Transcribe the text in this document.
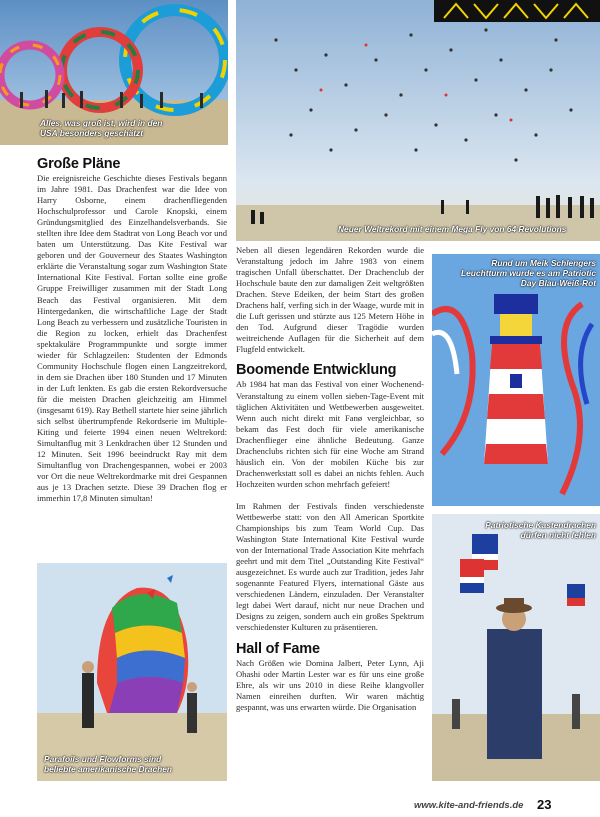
Alles, was groß ist, wird in den USA besonders geschätzt
Neuer Weltrekord mit einem Mega Fly von 64 Revolutions

Große Pläne

Die ereignisreiche Geschichte dieses Festivals begann im Jahre 1981. Das Drachenfest war die Idee von Harry Osborne, einem drachenfliegenden Hochschulprofessor und Carole Knopski, einem Gründungsmitglied des Einzelhandelsverbands. Sie stellten ihre Idee dem Stadtrat von Long Beach vor und baten um Unterstützung. Das Kite Festival war geboren und der Gouverneur des Staates Washington erklärte die Veranstaltung sogar zum Washington State International Kite Festival. Fortan sollte eine große Gruppe Freiwilliger zusammen mit der Stadt Long Beach das Festival organisieren. Mit dem Hintergedanken, die wirtschaftliche Lage der Stadt Long Beach zu verbessern und zusätzliche Touristen in die Region zu locken, erhielt das Drachenfest spektakuläre Programmpunkte und sorgte immer wieder für Schlagzeilen: Studenten der Edmonds Community Hochschule flogen einen Langzeitrekord, in dem sie Drachen über 180 Stunden und 17 Minuten in der Luft lenkten. Es gab die ersten Rekordversuche für die meisten Drachen gleichzeitig am Himmel (insgesamt 619). Ray Bethell startete hier seine jährlich sich selbst übertrumpfende Rekordserie im Multiple-Kiting und feierte 1994 einen neuen Weltrekord: Simultanflug mit 3 Lenkdrachen über 12 Stunden und 12 Minuten. Seit 1996 beeindruckt Ray mit dem Simultanflug von Drachengespannen, wobei er 2003 vor Ort die neue Weltrekordmarke mit drei Gespannen aus je 13 Drachen setzte. Diese 39 Drachen flog er immerhin 17,8 Minuten simultan!

Parafoils und Flowforms sind beliebte amerikanische Drachen

Neben all diesen legendären Rekorden wurde die Veranstaltung jedoch im Jahre 1983 von einem tragischen Unfall überschattet. Der Drachenclub der Hochschule baute den zur damaligen Zeit weltgrößten Drachen. Steve Edeiken, der beim Start des großen Drachens half, verfing sich in der Waage, wurde mit in die Luft gerissen und stürzte aus 125 Metern Höhe in den Tod. Aufgrund dieser Tragödie wurden weitreichende Auflagen für die Sicherheit auf dem Flugfeld entwickelt.

Boomende Entwicklung

Ab 1984 hat man das Festival von einer Wochenend-Veranstaltung zu einem vollen sieben-Tage-Event mit täglichen Aktivitäten und Wettbewerben ausgeweitet. Wenn auch nicht direkt mit Fanø vergleichbar, so bekam das Fest doch für viele amerikanische Drachenflieger eine ähnliche Bedeutung. Ganze Drachenclubs richten sich für eine Woche am Strand häuslich ein. Von der mobilen Küche bis zur Drachenwerkstatt soll es dabei an nichts fehlen. Auch Hochzeiten wurden schon mehrfach gefeiert!

Im Rahmen der Festivals finden verschiedenste Wettbewerbe statt: von den All American Sportkite Championships bis zum Team World Cup. Das Washington State International Kite Festival wurde von der International Trade Association Kite mehrfach geehrt und mit dem Titel „Outstanding Kite Festival“ ausgezeichnet. Es wurde auch zur Tradition, jedes Jahr sogenannte Featured Flyers, international Gäste aus verschiedenen Ländern, einzuladen. Der Veranstalter legt dabei Wert darauf, nicht nur neue Drachen und Designs zu zeigen, sondern auch ein großes Spektrum verschiedenster Kulturen zu präsentieren.

Hall of Fame

Nach Größen wie Domina Jalbert, Peter Lynn, Aji Ohashi oder Martin Lester war es für uns eine große Ehre, als wir uns 2010 in diese Reihe klangvoller Namen einreihen durften. Wir waren mächtig gespannt, was uns erwarten würde. Die Organisation

Rund um Meik Schlengers Leuchtturm wurde es am Patriotic Day Blau-Weiß-Rot
Patriotische Kastendrachen dürfen nicht fehlen
www.kite-and-friends.de 23
